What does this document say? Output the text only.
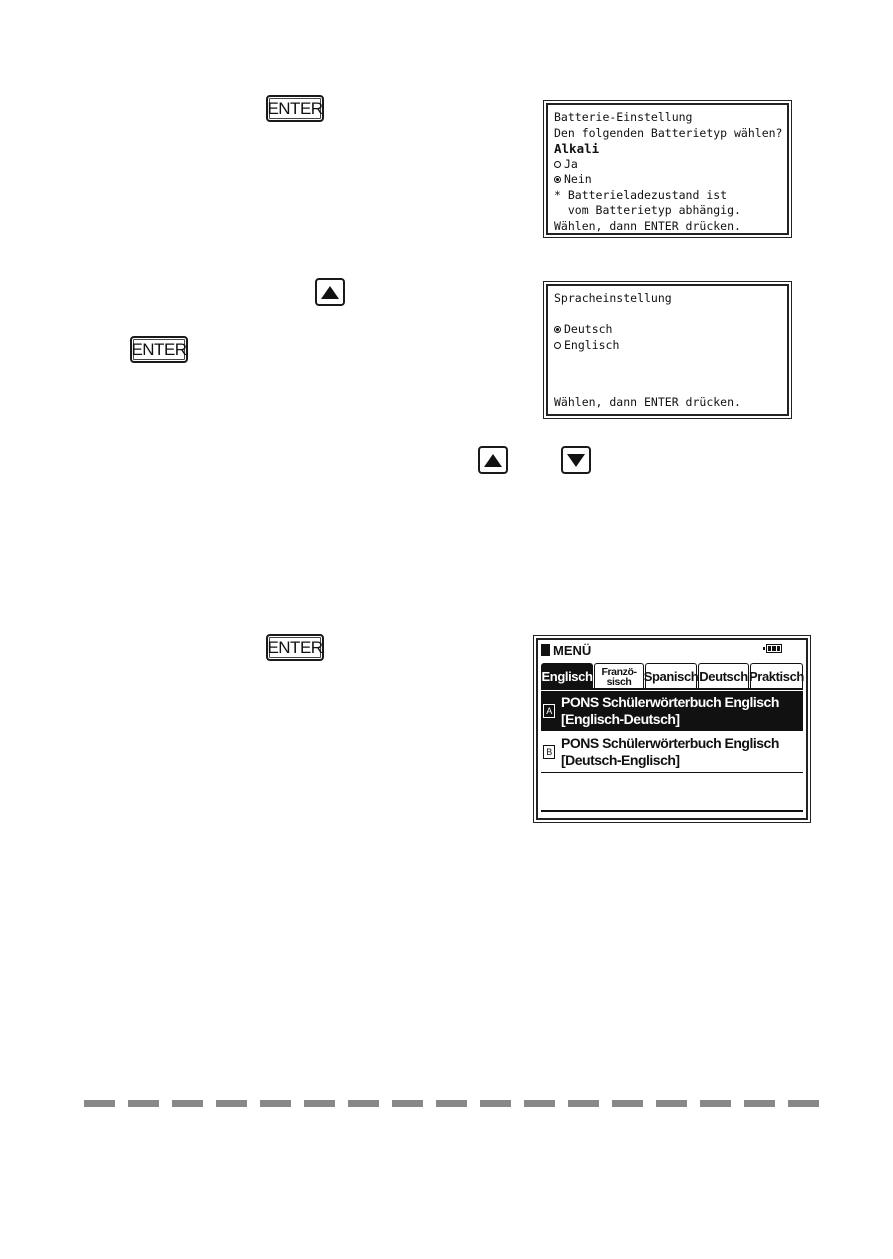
ENTER
ENTER
ENTER
Batterie-Einstellung
Den folgenden Batterietyp wählen?
Alkali
Ja
Nein
* Batterieladezustand ist
vom Batterietyp abhängig.
Wählen, dann ENTER drücken.
Spracheinstellung

Deutsch
Englisch
Wählen, dann ENTER drücken.
MENÜ
Englisch Franzö-
sisch Spanisch Deutsch Praktisch
A
PONS Schülerwörterbuch Englisch
[Englisch-Deutsch]
B
PONS Schülerwörterbuch Englisch
[Deutsch-Englisch]
